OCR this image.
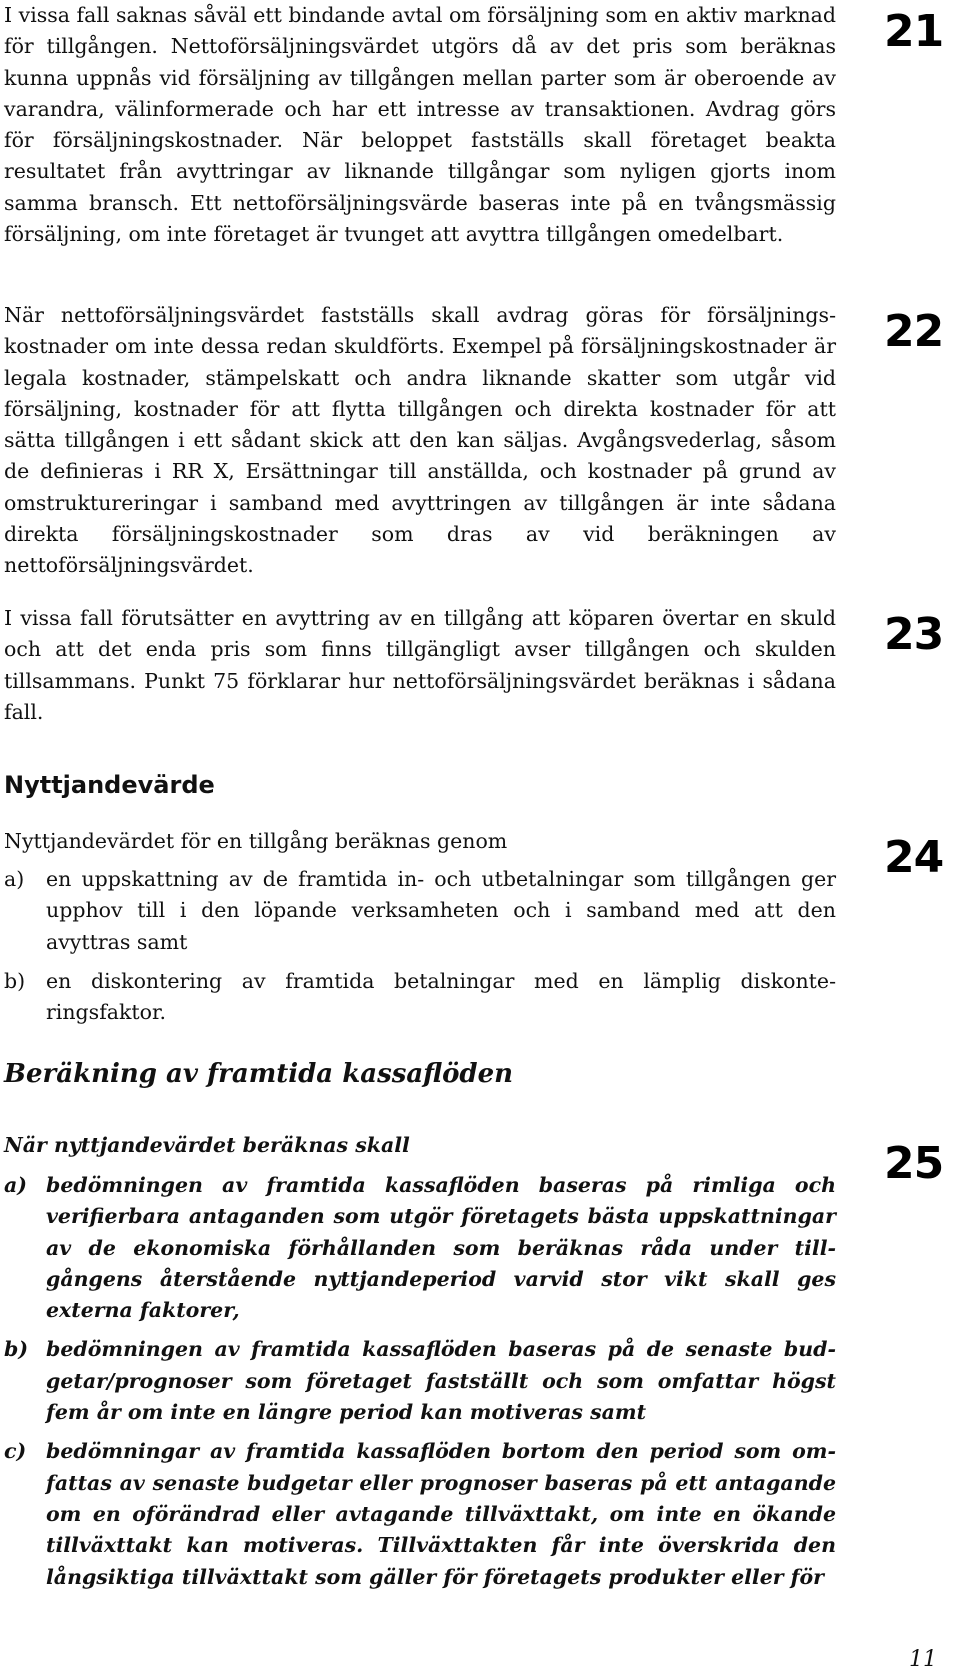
I vissa fall saknas såväl ett bindande avtal om försäljning som en aktiv marknad för tillgången. Nettoförsäljningsvärdet utgörs då av det pris som beräknas kunna uppnås vid försäljning av tillgången mellan parter som är oberoende av varandra, välinformerade och har ett intresse av transaktionen. Avdrag görs för försäljningskostnader. När beloppet fastställs skall företaget beakta resultatet från avyttringar av liknande tillgångar som nyligen gjorts inom samma bransch. Ett nettoförsäljningsvärde baseras inte på en tvångsmässig försäljning, om inte företaget är tvunget att avyttra tillgången omedelbart.

21

När nettoförsäljningsvärdet fastställs skall avdrag göras för försäljningskostnader om inte dessa redan skuldförts. Exempel på försäljningskostnader är legala kostnader, stämpelskatt och andra liknande skatter som utgår vid försäljning, kostnader för att flytta tillgången och direkta kostnader för att sätta tillgången i ett sådant skick att den kan säljas. Avgångsvederlag, såsom de definieras i RR X, Ersättningar till anställda, och kostnader på grund av omstruktureringar i samband med avyttringen av tillgången är inte sådana direkta försäljningskostnader som dras av vid beräkningen av nettoförsäljningsvärdet.

22

I vissa fall förutsätter en avyttring av en tillgång att köparen övertar en skuld och att det enda pris som finns tillgängligt avser tillgången och skulden tillsammans. Punkt 75 förklarar hur nettoförsäljningsvärdet beräknas i sådana fall.

23
Nyttjandevärde

Nyttjandevärdet för en tillgång beräknas genom	24
a) en uppskattning av de framtida in- och utbetalningar som tillgången ger upphov till i den löpande verksamheten och i samband med att den avyttras samt
b) en diskontering av framtida betalningar med en lämplig diskonteringsfaktor.
Beräkning av framtida kassaflöden

När nyttjandevärdet beräknas skall	25
a) bedömningen av framtida kassaflöden baseras på rimliga och verifierbara antaganden som utgör företagets bästa uppskattningar av de ekonomiska förhållanden som beräknas råda under tillgångens återstående nyttjandeperiod varvid stor vikt skall ges externa faktorer,
b) bedömningen av framtida kassaflöden baseras på de senaste budgetar/prognoser som företaget fastställt och som omfattar högst fem år om inte en längre period kan motiveras samt
c) bedömningar av framtida kassaflöden bortom den period som omfattas av senaste budgetar eller prognoser baseras på ett antagande om en oförändrad eller avtagande tillväxttakt, om inte en ökande tillväxttakt kan motiveras. Tillväxttakten får inte överskrida den långsiktiga tillväxttakt som gäller för företagets produkter eller för
11
